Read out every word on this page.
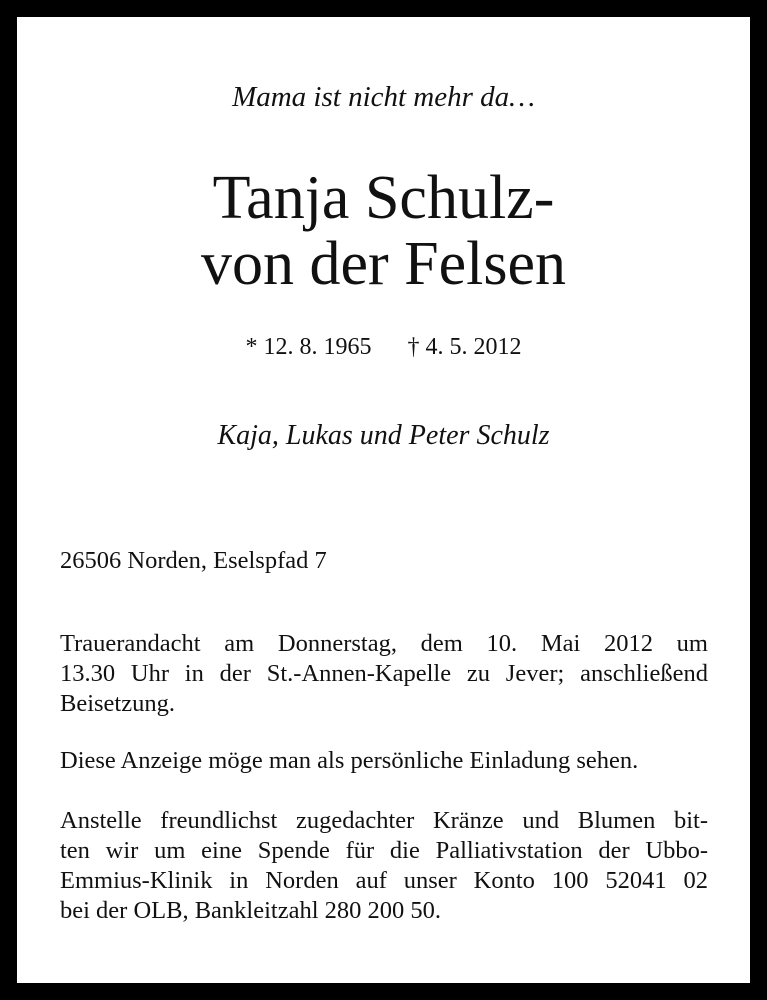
Mama ist nicht mehr da…
Tanja Schulz-
von der Felsen
* 12. 8. 1965 † 4. 5. 2012
Kaja, Lukas und Peter Schulz
26506 Norden, Eselspfad 7
Trauerandacht am Donnerstag, dem 10. Mai 2012 um
13.30 Uhr in der St.-Annen-Kapelle zu Jever; anschließend
Beisetzung.
Diese Anzeige möge man als persönliche Einladung sehen.
Anstelle freundlichst zugedachter Kränze und Blumen bit-
ten wir um eine Spende für die Palliativstation der Ubbo-
Emmius-Klinik in Norden auf unser Konto 100 52041 02
bei der OLB, Bankleitzahl 280 200 50.
